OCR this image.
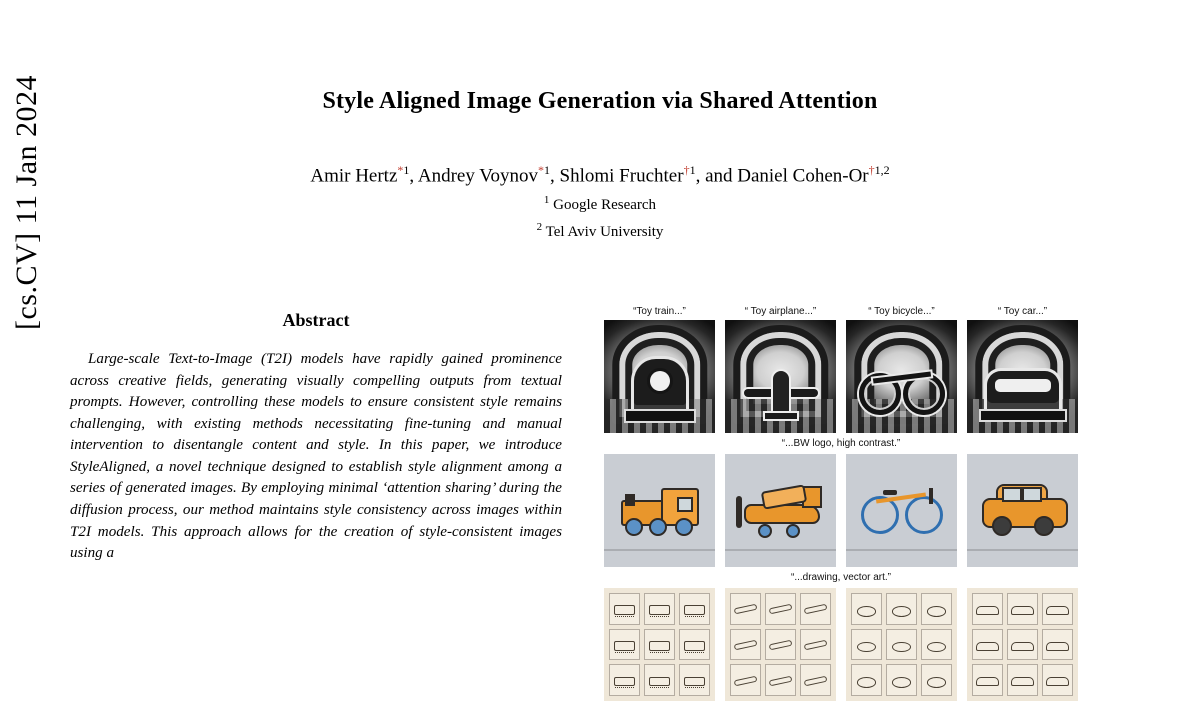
[cs.CV] 11 Jan 2024	Style Aligned Image Generation via Shared Attention
Amir Hertz$^{*1}$, Andrey Voynov$^{*1}$, Shlomi Fruchter$^{\dagger 1}$, and Daniel Cohen-Or$^{\dagger 1,2}$
$^1$ Google Research
$^2$ Tel Aviv University
Abstract
Large-scale Text-to-Image (T2I) models have rapidly gained prominence across creative fields, generating visually compelling outputs from textual prompts. However, controlling these models to ensure consistent style remains challenging, with existing methods necessitating fine-tuning and manual intervention to disentangle content and style. In this paper, we introduce StyleAligned, a novel technique designed to establish style alignment among a series of generated images. By employing minimal ‘attention sharing’ during the diffusion process, our method maintains style consistency across images within T2I models. This approach allows for the creation of style-consistent images using a
“Toy train...”	“ Toy airplane...”	“ Toy bicycle...”	“ Toy car...”
“...BW logo, high contrast.”
“...drawing, vector art.”
